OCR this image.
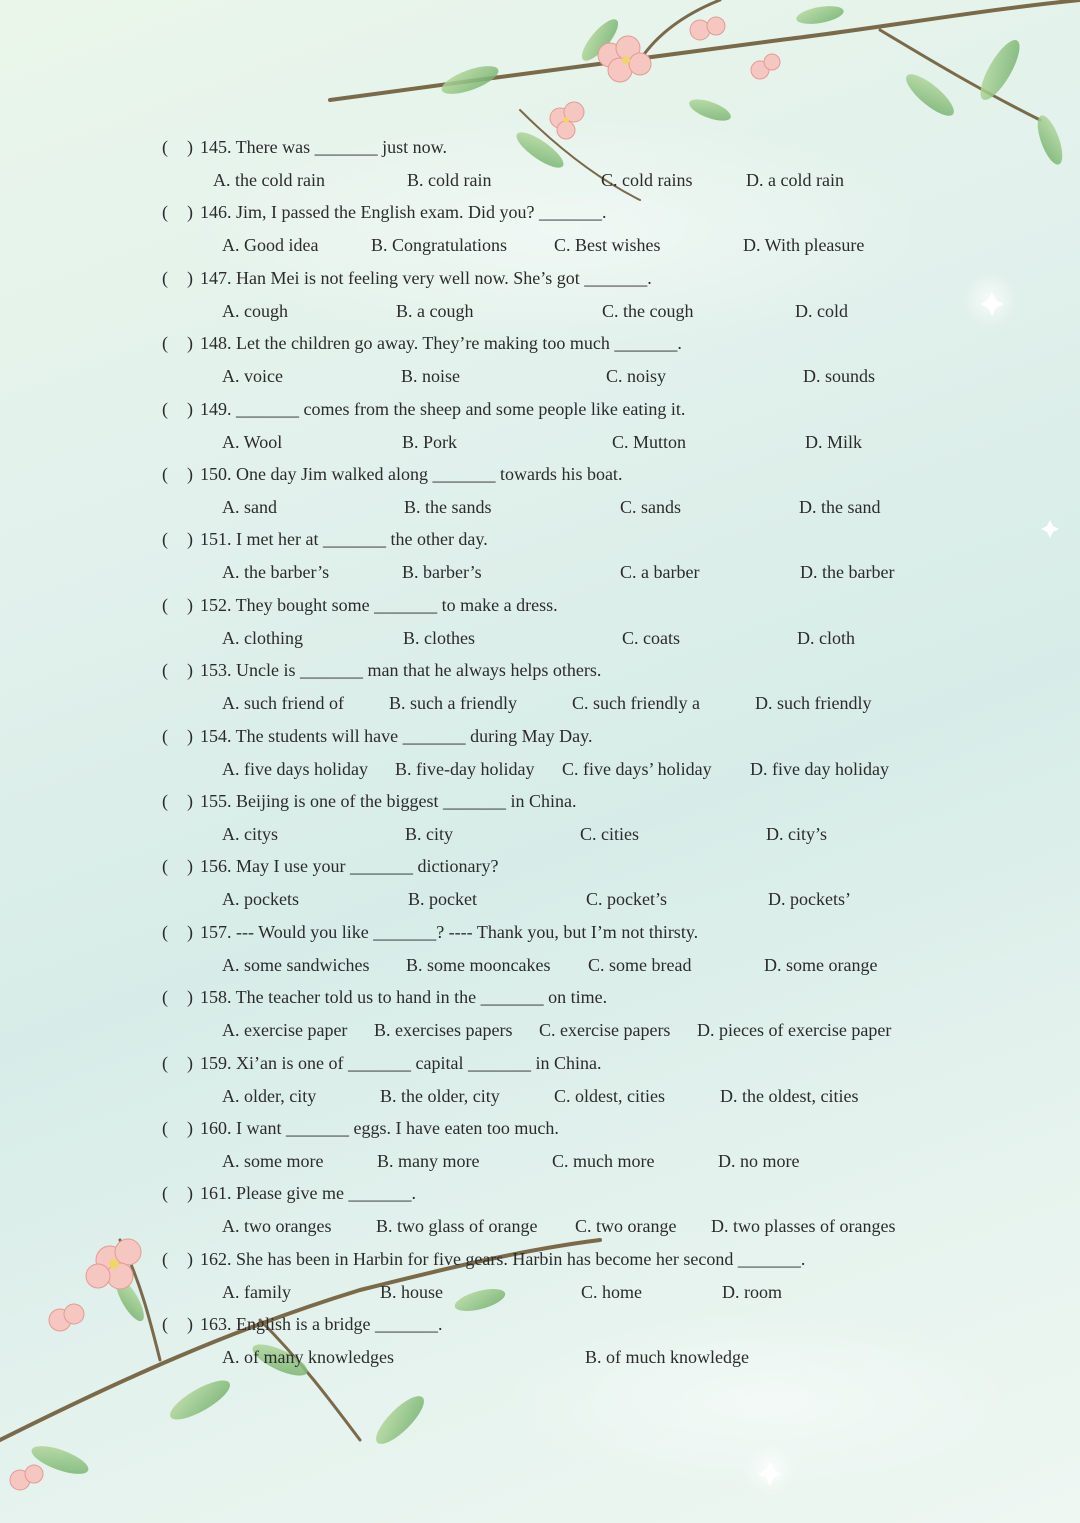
( ) 145. There was _______ just now.
A. the cold rain	B. cold rain	C. cold rains	D. a cold rain
( ) 146. Jim, I passed the English exam. Did you? _______.
A. Good idea	B. Congratulations	C. Best wishes	D. With pleasure
( ) 147. Han Mei is not feeling very well now. She’s got _______.
A. cough	B. a cough	C. the cough	D. cold
( ) 148. Let the children go away. They’re making too much _______.
A. voice	B. noise	C. noisy	D. sounds
( ) 149. _______ comes from the sheep and some people like eating it.
A. Wool	B. Pork	C. Mutton	D. Milk
( ) 150. One day Jim walked along _______ towards his boat.
A. sand	B. the sands	C. sands	D. the sand
( ) 151. I met her at _______ the other day.
A. the barber’s	B. barber’s	C. a barber	D. the barber
( ) 152. They bought some _______ to make a dress.
A. clothing	B. clothes	C. coats	D. cloth
( ) 153. Uncle is _______ man that he always helps others.
A. such friend of	B. such a friendly	C. such friendly a	D. such friendly
( ) 154. The students will have _______ during May Day.
A. five days holiday B. five-day holiday C. five days’ holiday D. five day holiday
( ) 155. Beijing is one of the biggest _______ in China.
A. citys	B. city	C. cities	D. city’s
( ) 156. May I use your _______ dictionary?
A. pockets	B. pocket	C. pocket’s	D. pockets’
( ) 157. --- Would you like _______? ---- Thank you, but I’m not thirsty.
A. some sandwiches B. some mooncakes C. some bread	D. some orange
( ) 158. The teacher told us to hand in the _______ on time.
A. exercise paper B. exercises papers C. exercise papers D. pieces of exercise paper
( ) 159. Xi’an is one of _______ capital _______ in China.
A. older, city	B. the older, city	C. oldest, cities	D. the oldest, cities
( ) 160. I want _______ eggs. I have eaten too much.
A. some more	B. many more	C. much more	D. no more
( ) 161. Please give me _______.
A. two oranges B. two glass of orange C. two orange D. two plasses of oranges
( ) 162. She has been in Harbin for five gears. Harbin has become her second _______.
A. family	B. house	C. home	D. room
( ) 163. English is a bridge _______.
A. of many knowledges	B. of much knowledge
